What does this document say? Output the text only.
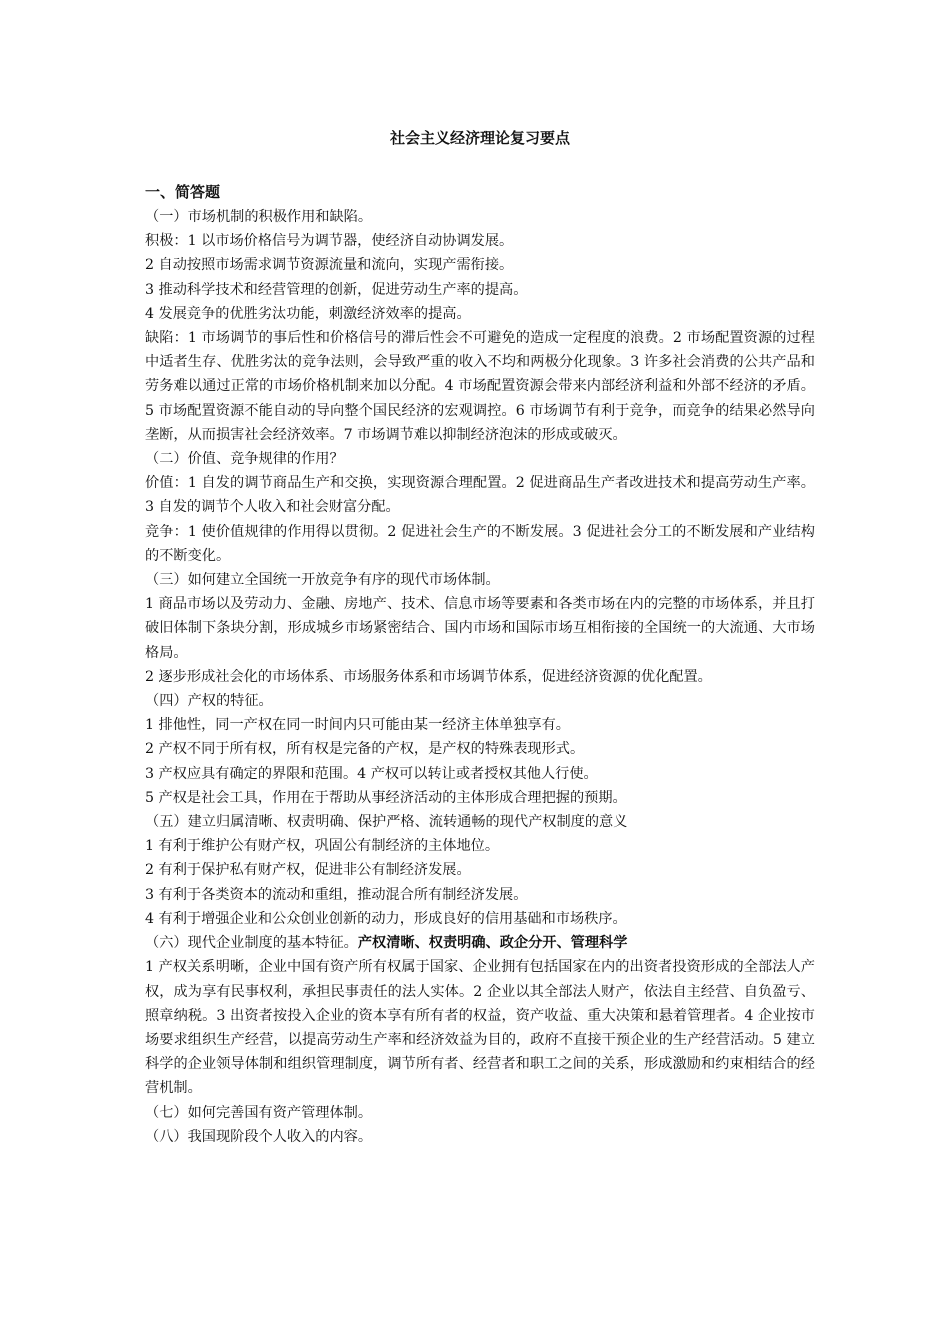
社会主义经济理论复习要点
一、简答题

（一）市场机制的积极作用和缺陷。

积极：1 以市场价格信号为调节器，使经济自动协调发展。

2 自动按照市场需求调节资源流量和流向，实现产需衔接。

3 推动科学技术和经营管理的创新，促进劳动生产率的提高。

4 发展竞争的优胜劣汰功能，刺激经济效率的提高。

缺陷：1 市场调节的事后性和价格信号的滞后性会不可避免的造成一定程度的浪费。2 市场配置资源的过程中适者生存、优胜劣汰的竞争法则，会导致严重的收入不均和两极分化现象。3 许多社会消费的公共产品和劳务难以通过正常的市场价格机制来加以分配。4 市场配置资源会带来内部经济利益和外部不经济的矛盾。5 市场配置资源不能自动的导向整个国民经济的宏观调控。6 市场调节有利于竞争，而竞争的结果必然导向垄断，从而损害社会经济效率。7 市场调节难以抑制经济泡沫的形成或破灭。

（二）价值、竞争规律的作用？

价值：1 自发的调节商品生产和交换，实现资源合理配置。2 促进商品生产者改进技术和提高劳动生产率。3 自发的调节个人收入和社会财富分配。

竞争：1 使价值规律的作用得以贯彻。2 促进社会生产的不断发展。3 促进社会分工的不断发展和产业结构的不断变化。

（三）如何建立全国统一开放竞争有序的现代市场体制。

1 商品市场以及劳动力、金融、房地产、技术、信息市场等要素和各类市场在内的完整的市场体系，并且打破旧体制下条块分割，形成城乡市场紧密结合、国内市场和国际市场互相衔接的全国统一的大流通、大市场格局。

2 逐步形成社会化的市场体系、市场服务体系和市场调节体系，促进经济资源的优化配置。

（四）产权的特征。

1 排他性，同一产权在同一时间内只可能由某一经济主体单独享有。

2 产权不同于所有权，所有权是完备的产权，是产权的特殊表现形式。

3 产权应具有确定的界限和范围。4 产权可以转让或者授权其他人行使。

5 产权是社会工具，作用在于帮助从事经济活动的主体形成合理把握的预期。

（五）建立归属清晰、权责明确、保护严格、流转通畅的现代产权制度的意义

1 有利于维护公有财产权，巩固公有制经济的主体地位。

2 有利于保护私有财产权，促进非公有制经济发展。

3 有利于各类资本的流动和重组，推动混合所有制经济发展。

4 有利于增强企业和公众创业创新的动力，形成良好的信用基础和市场秩序。

（六）现代企业制度的基本特征。产权清晰、权责明确、政企分开、管理科学

1 产权关系明晰，企业中国有资产所有权属于国家、企业拥有包括国家在内的出资者投资形成的全部法人产权，成为享有民事权利，承担民事责任的法人实体。2 企业以其全部法人财产，依法自主经营、自负盈亏、照章纳税。3 出资者按投入企业的资本享有所有者的权益，资产收益、重大决策和悬着管理者。4 企业按市场要求组织生产经营，以提高劳动生产率和经济效益为目的，政府不直接干预企业的生产经营活动。5 建立科学的企业领导体制和组织管理制度，调节所有者、经营者和职工之间的关系，形成激励和约束相结合的经营机制。

（七）如何完善国有资产管理体制。

（八）我国现阶段个人收入的内容。
